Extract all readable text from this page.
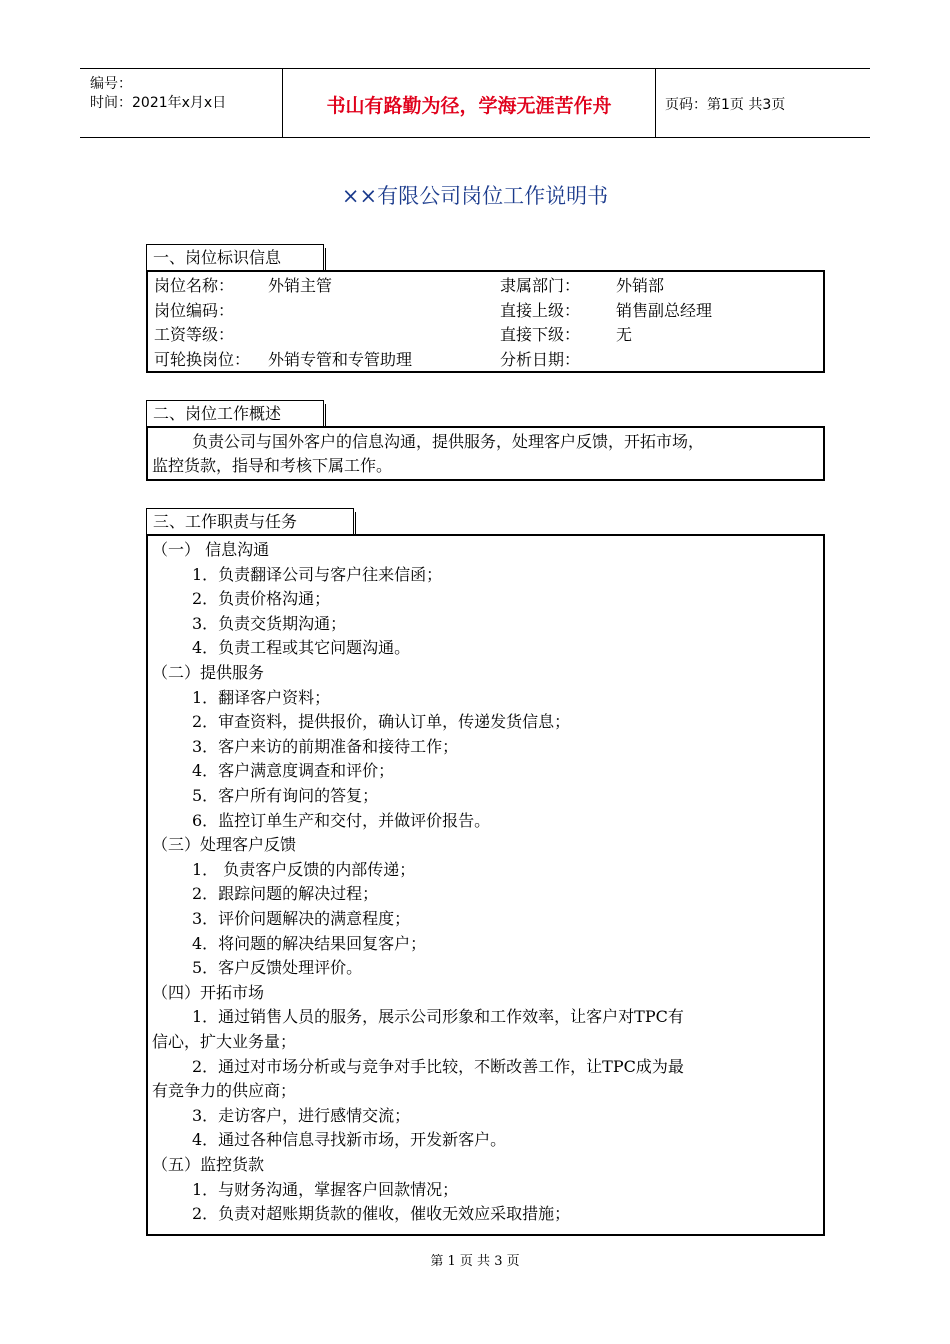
编号：
时间：2021年x月x日	书山有路勤为径，学海无涯苦作舟	页码：第1页 共3页
××有限公司岗位工作说明书
一、岗位标识信息
岗位名称： 外销主管	隶属部门： 外销部
岗位编码：	直接上级： 销售副总经理
工资等级：	直接下级： 无
可轮换岗位： 外销专管和专管助理	分析日期：
二、岗位工作概述
负责公司与国外客户的信息沟通，提供服务，处理客户反馈，开拓市场，
监控货款，指导和考核下属工作。
三、工作职责与任务
（一） 信息沟通
1．负责翻译公司与客户往来信函；
2．负责价格沟通；
3．负责交货期沟通；
4．负责工程或其它问题沟通。
（二）提供服务
1．翻译客户资料；
2．审查资料，提供报价，确认订单，传递发货信息；
3．客户来访的前期准备和接待工作；
4．客户满意度调查和评价；
5．客户所有询问的答复；
6．监控订单生产和交付，并做评价报告。
（三）处理客户反馈
1． 负责客户反馈的内部传递；
2．跟踪问题的解决过程；
3．评价问题解决的满意程度；
4．将问题的解决结果回复客户；
5．客户反馈处理评价。
（四）开拓市场
1．通过销售人员的服务，展示公司形象和工作效率，让客户对TPC有
信心，扩大业务量；
2．通过对市场分析或与竞争对手比较，不断改善工作，让TPC成为最
有竞争力的供应商；
3．走访客户，进行感情交流；
4．通过各种信息寻找新市场，开发新客户。
（五）监控货款
1．与财务沟通，掌握客户回款情况；
2．负责对超账期货款的催收，催收无效应采取措施；
第 1 页 共 3 页
